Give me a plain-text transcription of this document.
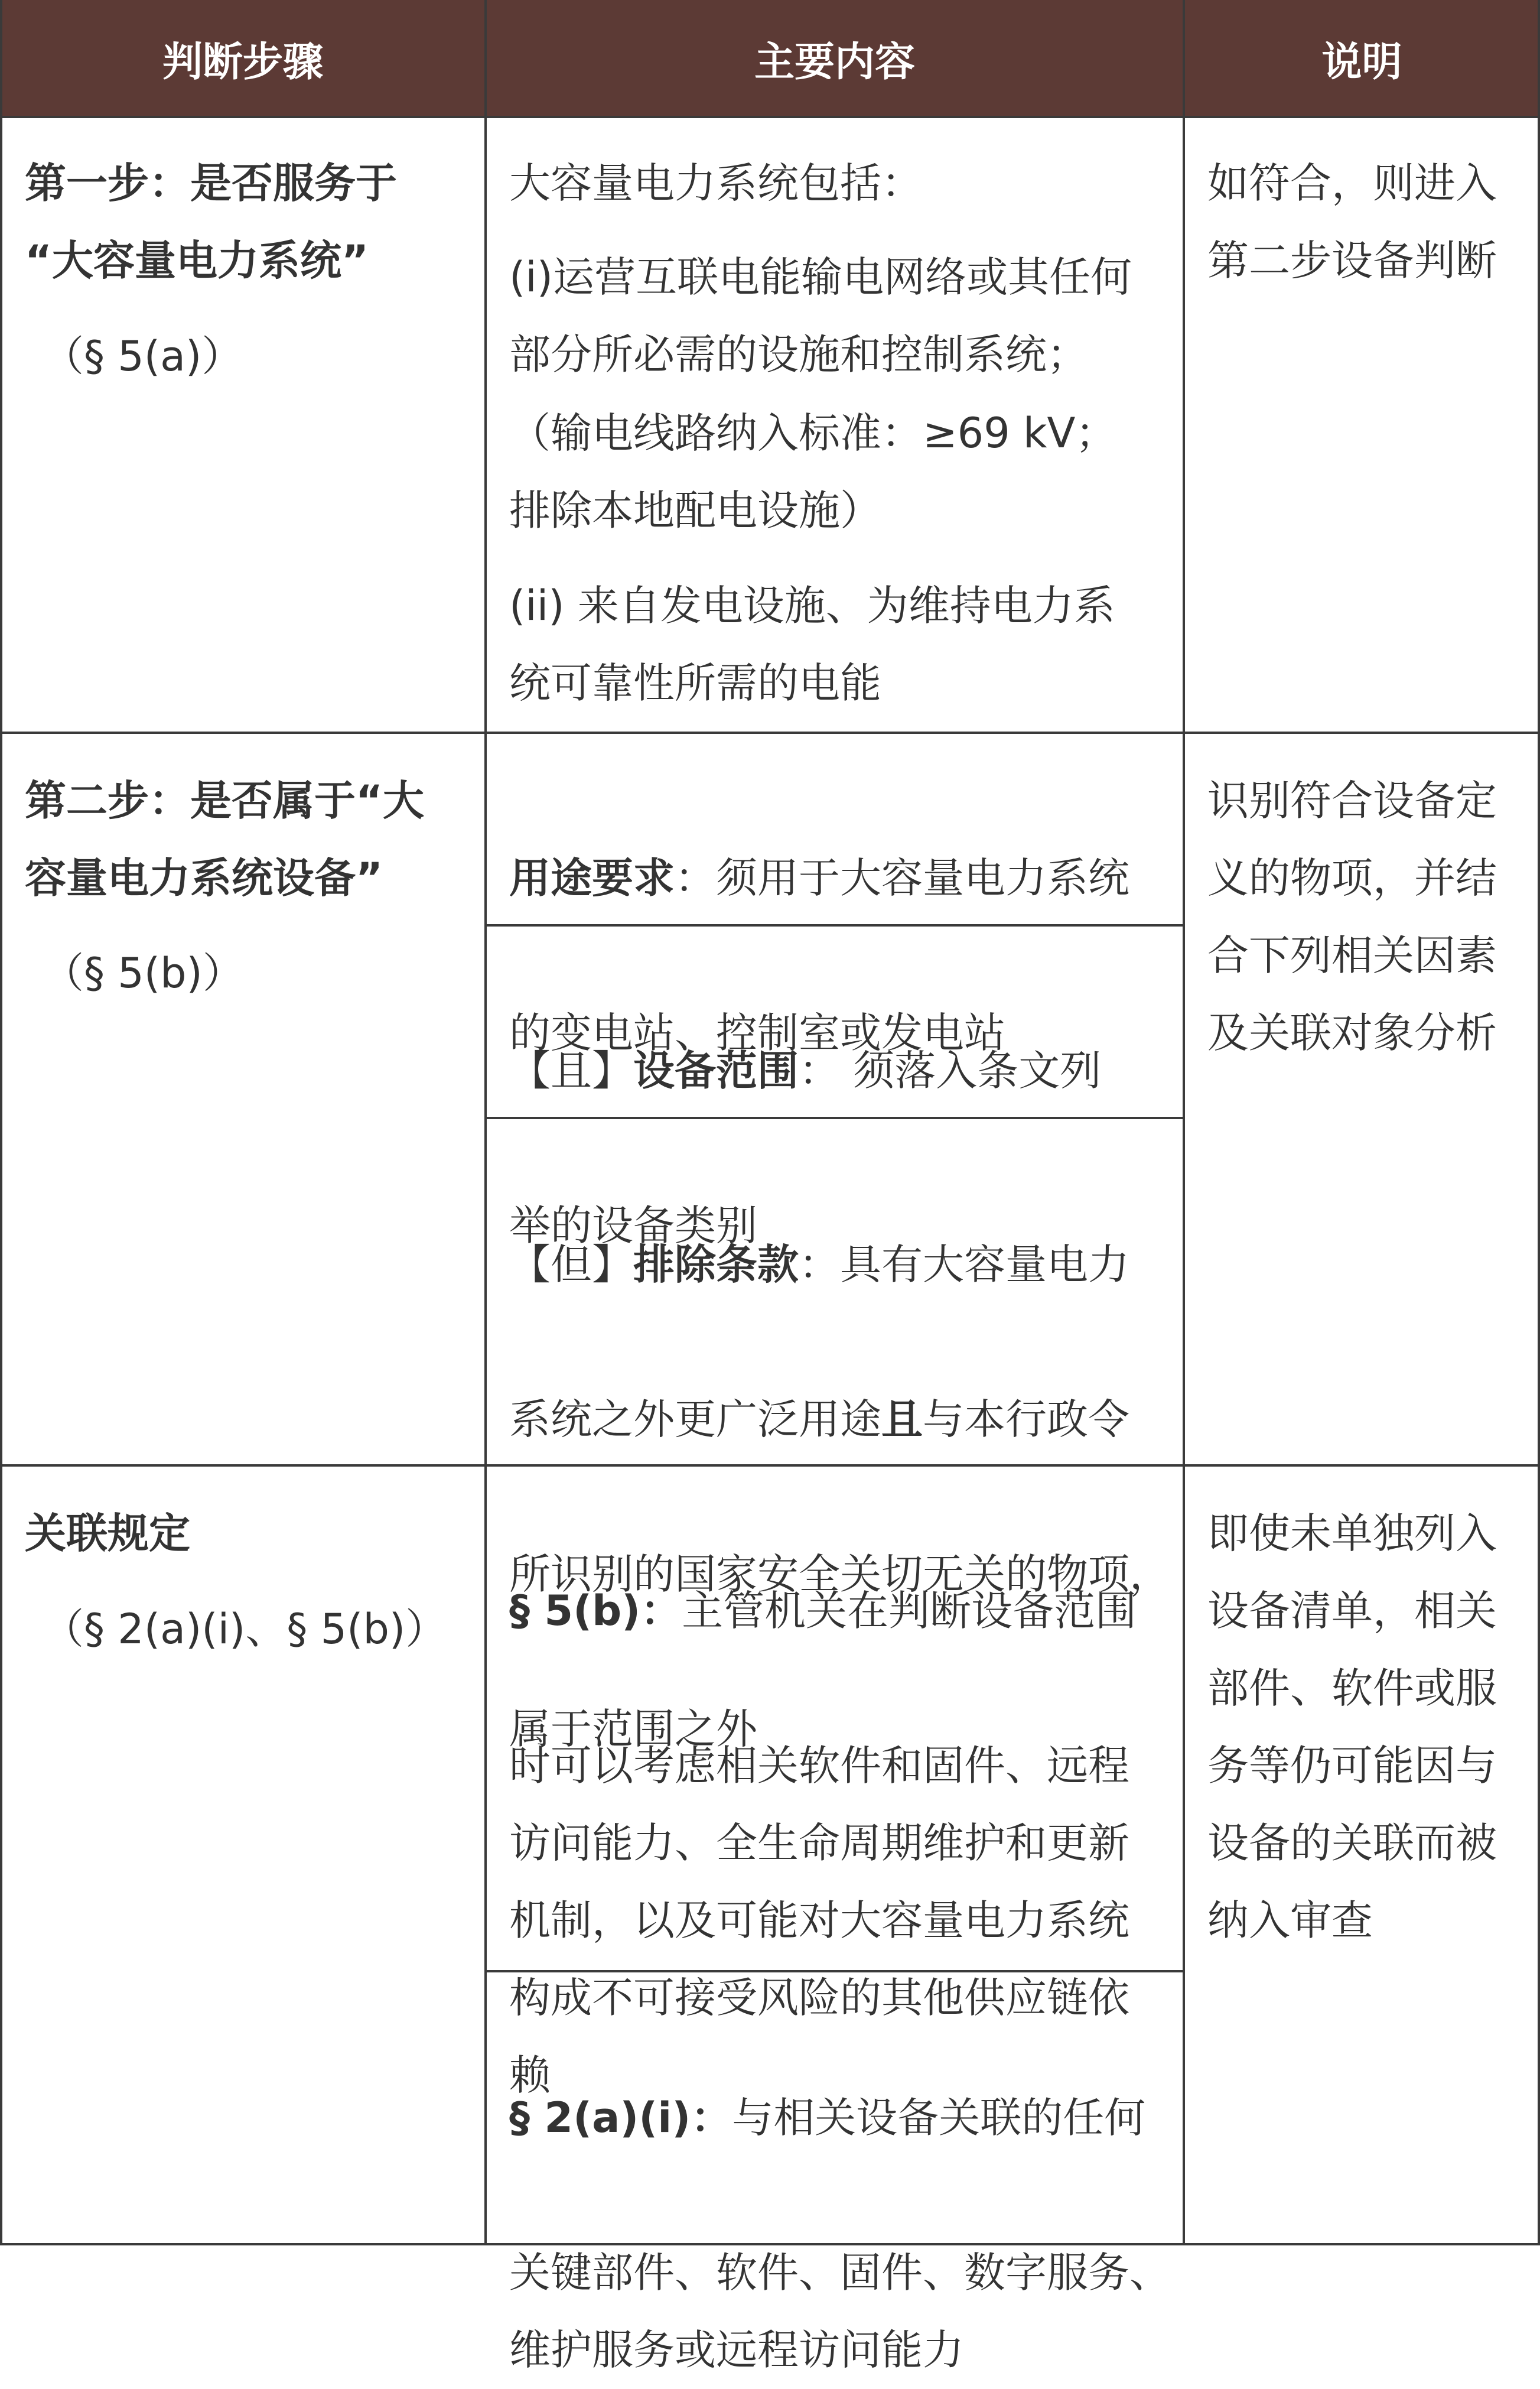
判断步骤	主要内容	说明
第一步：是否服务于
“大容量电力系统”
（§ 5(a)）
大容量电力系统包括：
(i)运营互联电能输电网络或其任何
部分所必需的设施和控制系统；
（输电线路纳入标准：≥69 kV；
排除本地配电设施）
(ii) 来自发电设施、为维持电力系
统可靠性所需的电能
如符合，则进入
第二步设备判断
第二步：是否属于“大
容量电力系统设备”
（§ 5(b)）

用途要求：须用于大容量电力系统

的变电站、控制室或发电站

【且】设备范围： 须落入条文列

举的设备类别

【但】排除条款：具有大容量电力

系统之外更广泛用途且与本行政令

所识别的国家安全关切无关的物项，

属于范围之外

识别符合设备定
义的物项，并结
合下列相关因素
及关联对象分析
关联规定
（§ 2(a)(i)、§ 5(b)） § 5(b)：主管机关在判断设备范围

时可以考虑相关软件和固件、远程
访问能力、全生命周期维护和更新
机制，以及可能对大容量电力系统
构成不可接受风险的其他供应链依
赖

§ 2(a)(i)：与相关设备关联的任何

关键部件、软件、固件、数字服务、
维护服务或远程访问能力

即使未单独列入
设备清单，相关
部件、软件或服
务等仍可能因与
设备的关联而被
纳入审查
